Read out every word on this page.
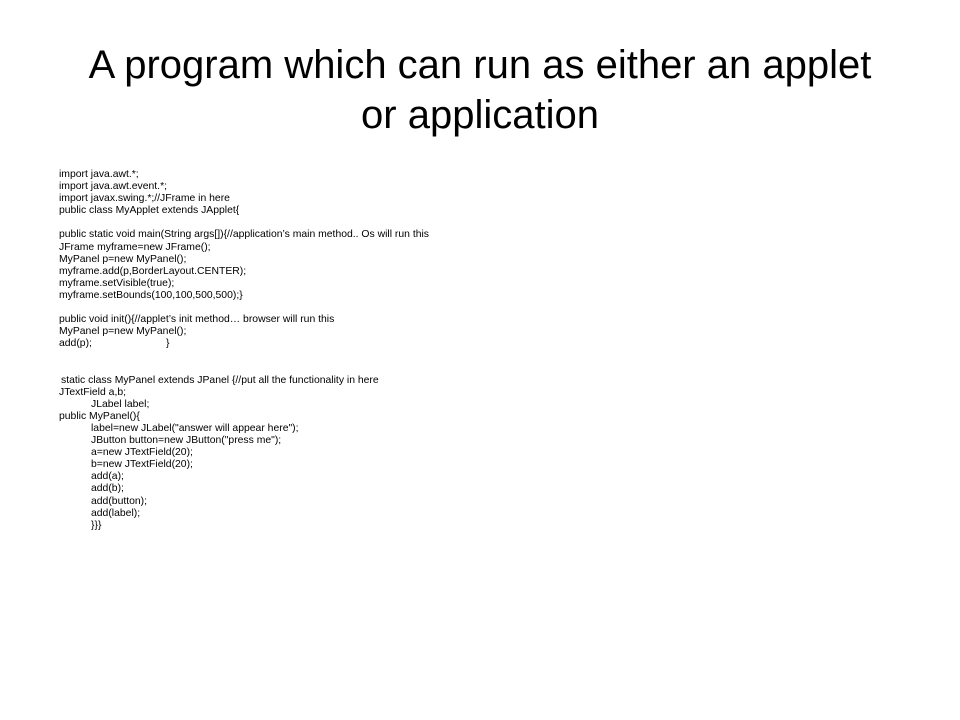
A program which can run as either an applet
or application
import java.awt.*;
import java.awt.event.*;
import javax.swing.*;//JFrame in here
public class MyApplet extends JApplet{
public static void main(String args[]){//application’s main method.. Os will run this
JFrame myframe=new JFrame();
MyPanel p=new MyPanel();
myframe.add(p,BorderLayout.CENTER);
myframe.setVisible(true);
myframe.setBounds(100,100,500,500);}
public void init(){//applet’s init method… browser will run this
MyPanel p=new MyPanel();
add(p);	}
static class MyPanel extends JPanel {//put all the functionality in here
JTextField a,b;
JLabel label;
public MyPanel(){
label=new JLabel("answer will appear here");
JButton button=new JButton("press me");
a=new JTextField(20);
b=new JTextField(20);
add(a);
add(b);
add(button);
add(label);
}}}
